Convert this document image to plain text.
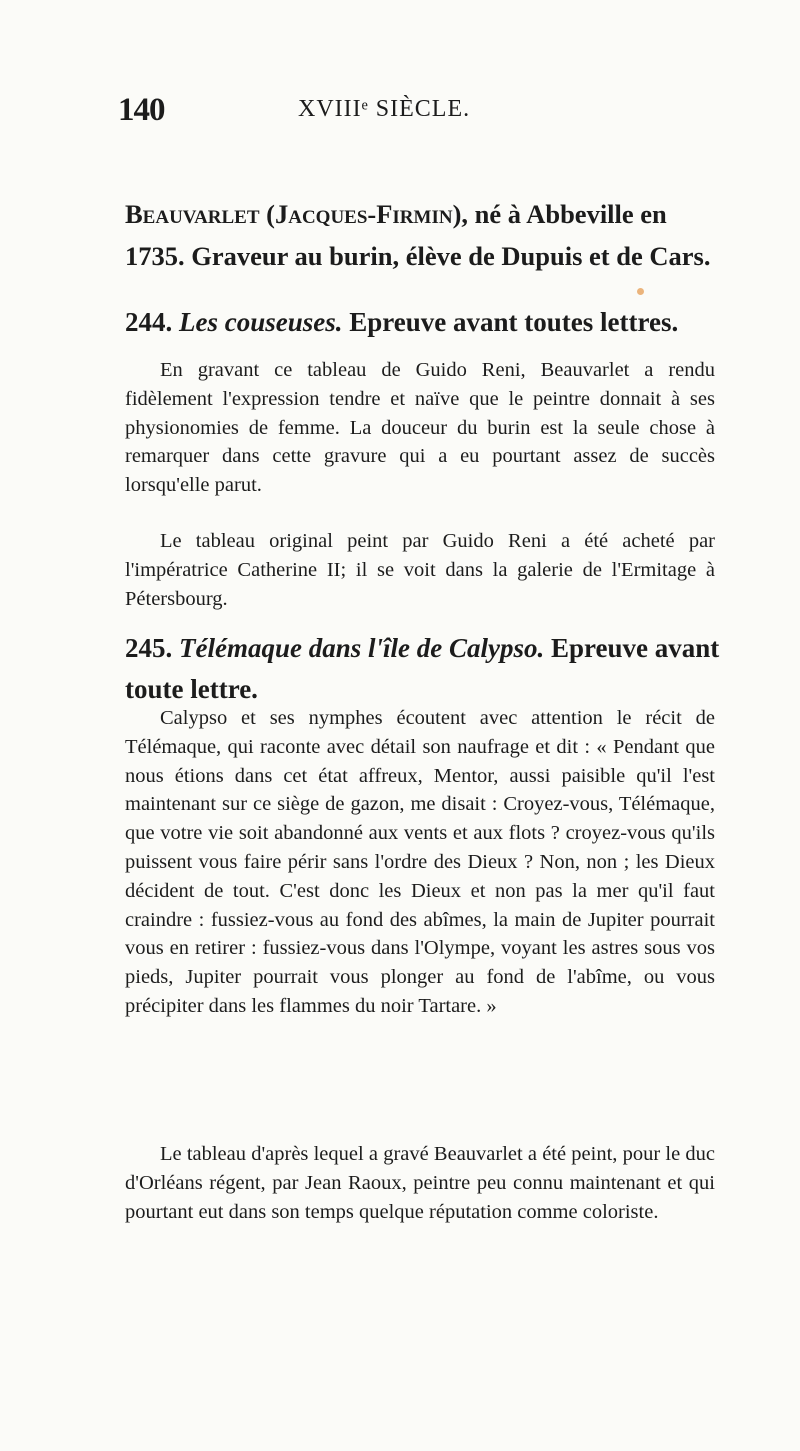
140	XVIIIᵉ SIÈCLE.
Beauvarlet (Jacques-Firmin), né à Abbeville en 1735. Graveur au burin, élève de Dupuis et de Cars.
244. Les couseuses. Epreuve avant toutes lettres.
En gravant ce tableau de Guido Reni, Beauvarlet a rendu fidèlement l'expression tendre et naïve que le peintre donnait à ses physionomies de femme. La douceur du burin est la seule chose à remarquer dans cette gravure qui a eu pourtant assez de succès lorsqu'elle parut.
Le tableau original peint par Guido Reni a été acheté par l'impératrice Catherine II; il se voit dans la galerie de l'Ermitage à Pétersbourg.
245. Télémaque dans l'île de Calypso. Epreuve avant toute lettre.
Calypso et ses nymphes écoutent avec attention le récit de Télémaque, qui raconte avec détail son naufrage et dit : « Pendant que nous étions dans cet état affreux, Mentor, aussi paisible qu'il l'est maintenant sur ce siège de gazon, me disait : Croyez-vous, Télémaque, que votre vie soit abandonné aux vents et aux flots ? croyez-vous qu'ils puissent vous faire périr sans l'ordre des Dieux ? Non, non ; les Dieux décident de tout. C'est donc les Dieux et non pas la mer qu'il faut craindre : fussiez-vous au fond des abîmes, la main de Jupiter pourrait vous en retirer : fussiez-vous dans l'Olympe, voyant les astres sous vos pieds, Jupiter pourrait vous plonger au fond de l'abîme, ou vous précipiter dans les flammes du noir Tartare. »
Le tableau d'après lequel a gravé Beauvarlet a été peint, pour le duc d'Orléans régent, par Jean Raoux, peintre peu connu maintenant et qui pourtant eut dans son temps quelque réputation comme coloriste.
